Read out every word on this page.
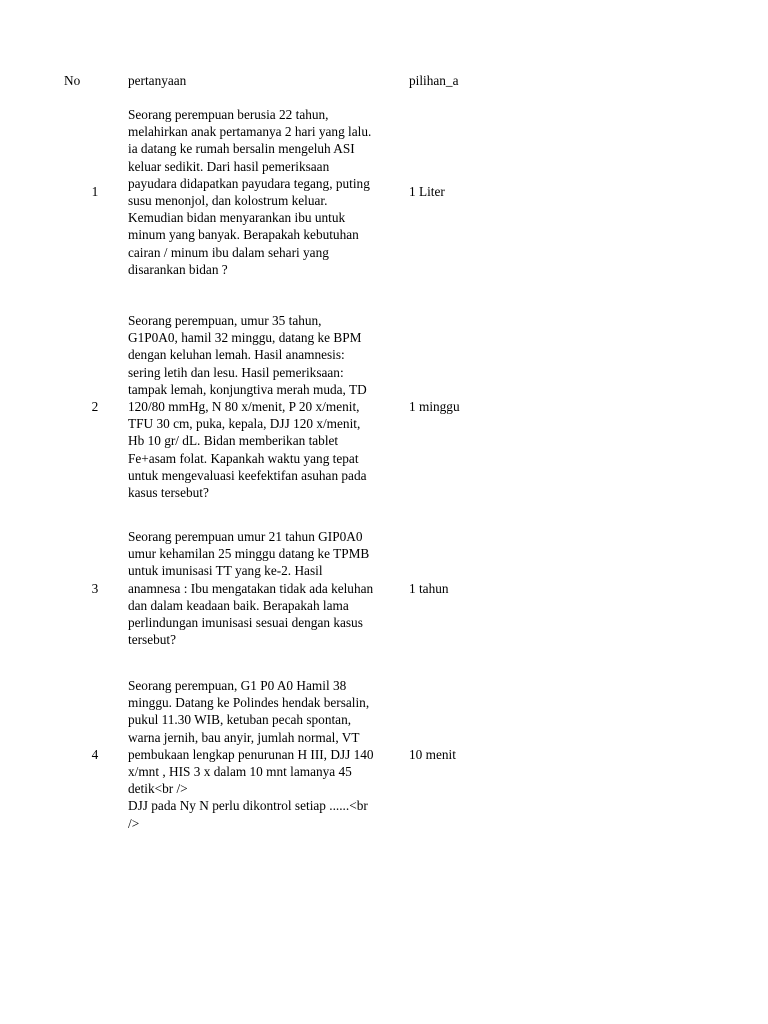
No	pertanyaan	pilihan_a
1
Seorang perempuan berusia 22 tahun,
melahirkan anak pertamanya 2 hari yang lalu.
ia datang ke rumah bersalin mengeluh ASI
keluar sedikit. Dari hasil pemeriksaan
payudara didapatkan payudara tegang, puting
susu menonjol, dan kolostrum keluar.
Kemudian bidan menyarankan ibu untuk
minum yang banyak. Berapakah kebutuhan
cairan / minum ibu dalam sehari yang
disarankan bidan ?
1 Liter
2
Seorang perempuan, umur 35 tahun,
G1P0A0, hamil 32 minggu, datang ke BPM
dengan keluhan lemah. Hasil anamnesis:
sering letih dan lesu. Hasil pemeriksaan:
tampak lemah, konjungtiva merah muda, TD
120/80 mmHg, N 80 x/menit, P 20 x/menit,
TFU 30 cm, puka, kepala, DJJ 120 x/menit,
Hb 10 gr/ dL. Bidan memberikan tablet
Fe+asam folat. Kapankah waktu yang tepat
untuk mengevaluasi keefektifan asuhan pada
kasus tersebut?
1 minggu
3
Seorang perempuan umur 21 tahun GIP0A0
umur kehamilan 25 minggu datang ke TPMB
untuk imunisasi TT yang ke-2. Hasil
anamnesa : Ibu mengatakan tidak ada keluhan
dan dalam keadaan baik. Berapakah lama
perlindungan imunisasi sesuai dengan kasus
tersebut?
1 tahun
4
Seorang perempuan, G1 P0 A0 Hamil 38
minggu. Datang ke Polindes hendak bersalin,
pukul 11.30 WIB, ketuban pecah spontan,
warna jernih, bau anyir, jumlah normal, VT
pembukaan lengkap penurunan H III, DJJ 140
x/mnt , HIS 3 x dalam 10 mnt lamanya 45
detik<br />
DJJ pada Ny N perlu dikontrol setiap ......<br
/>
10 menit
